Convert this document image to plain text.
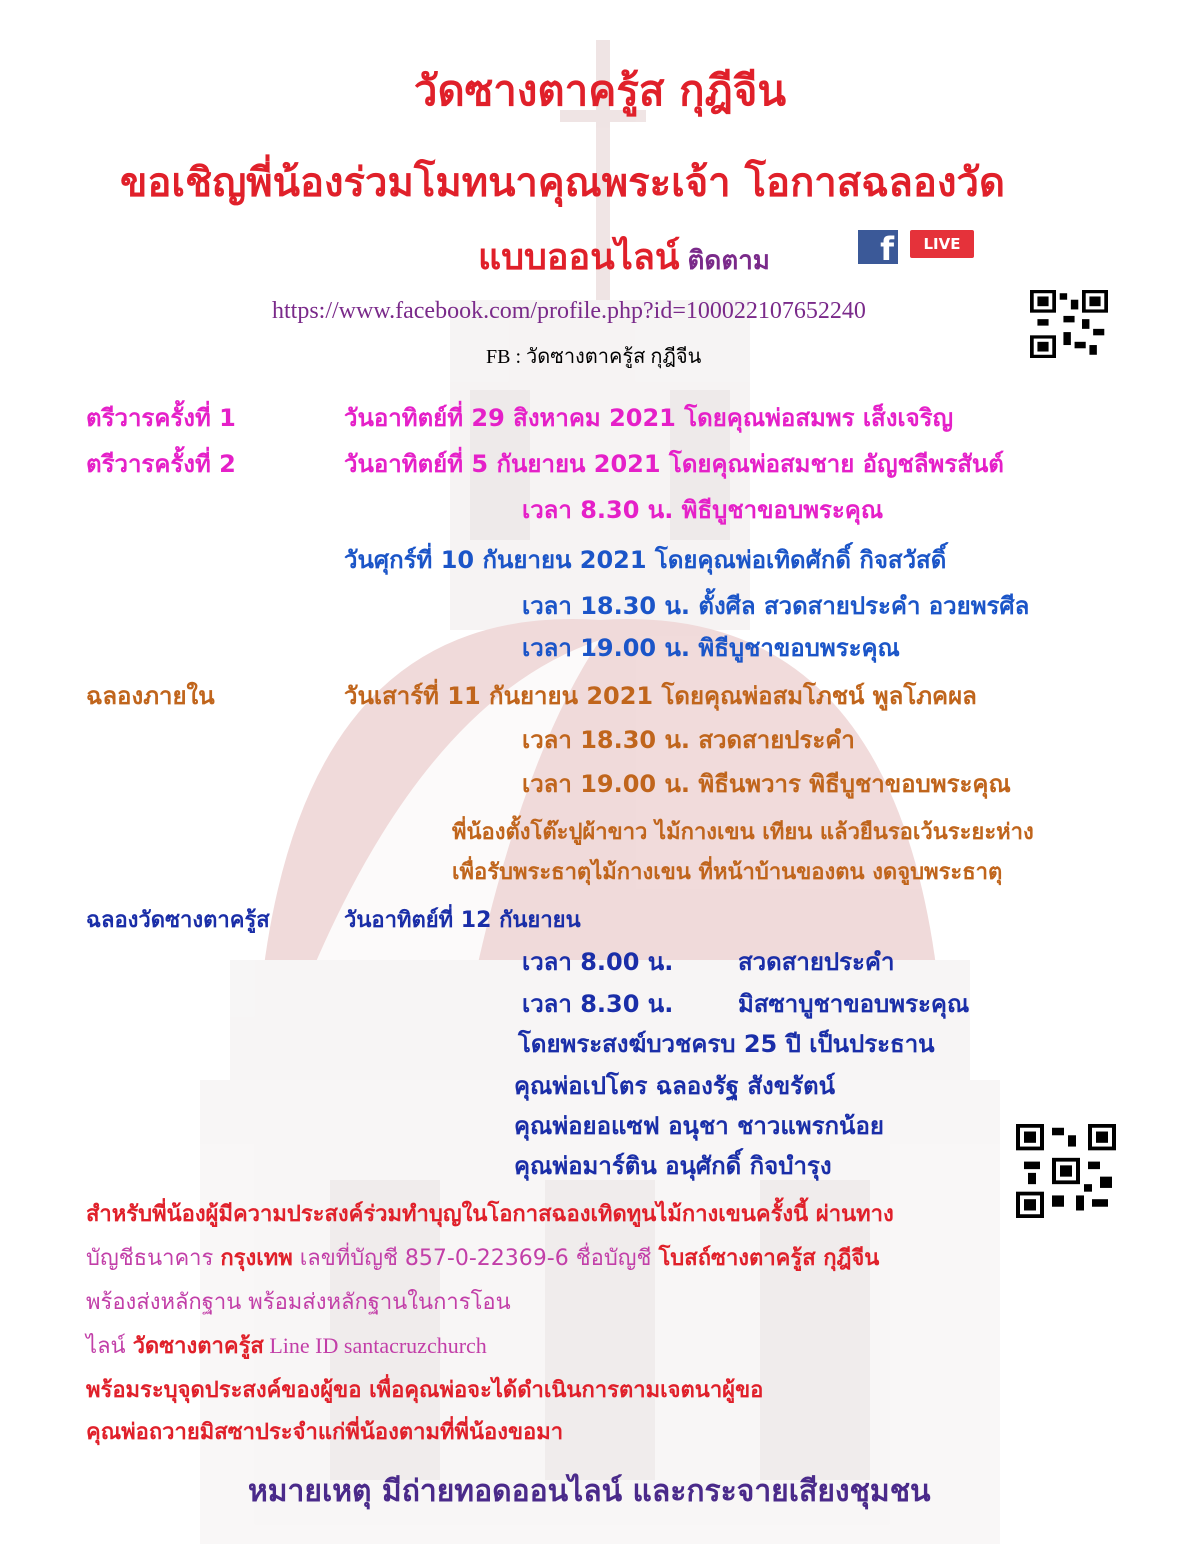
วัดซางตาครู้ส กุฎีจีน
ขอเชิญพี่น้องร่วมโมทนาคุณพระเจ้า โอกาสฉลองวัด
แบบออนไลน์ ติดตาม	f	LIVE
https://www.facebook.com/profile.php?id=100022107652240
FB : วัดซางตาครู้ส กุฎีจีน
ตรีวารครั้งที่ 1	วันอาทิตย์ที่ 29 สิงหาคม 2021 โดยคุณพ่อสมพร เส็งเจริญ
ตรีวารครั้งที่ 2	วันอาทิตย์ที่ 5 กันยายน 2021 โดยคุณพ่อสมชาย อัญชลีพรสันต์
เวลา 8.30 น. พิธีบูชาขอบพระคุณ
วันศุกร์ที่ 10 กันยายน 2021 โดยคุณพ่อเทิดศักดิ์ กิจสวัสดิ์
เวลา 18.30 น. ตั้งศีล สวดสายประคำ อวยพรศีล
เวลา 19.00 น. พิธีบูชาขอบพระคุณ
ฉลองภายใน	วันเสาร์ที่ 11 กันยายน 2021 โดยคุณพ่อสมโภชน์ พูลโภคผล
เวลา 18.30 น. สวดสายประคำ
เวลา 19.00 น. พิธีนพวาร พิธีบูชาขอบพระคุณ
พี่น้องตั้งโต๊ะปูผ้าขาว ไม้กางเขน เทียน แล้วยืนรอเว้นระยะห่าง
เพื่อรับพระธาตุไม้กางเขน ที่หน้าบ้านของตน งดจูบพระธาตุ
ฉลองวัดซางตาครู้ส	วันอาทิตย์ที่ 12 กันยายน
เวลา 8.00 น.	สวดสายประคำ
เวลา 8.30 น.	มิสซาบูชาขอบพระคุณ
โดยพระสงฆ์บวชครบ 25 ปี เป็นประธาน
คุณพ่อเปโตร ฉลองรัฐ สังขรัตน์
คุณพ่อยอแซฟ อนุชา ชาวแพรกน้อย
คุณพ่อมาร์ติน อนุศักดิ์ กิจบำรุง
สำหรับพี่น้องผู้มีความประสงค์ร่วมทำบุญในโอกาสฉองเทิดทูนไม้กางเขนครั้งนี้ ผ่านทาง
บัญชีธนาคาร กรุงเทพ เลขที่บัญชี 857-0-22369-6 ชื่อบัญชี โบสถ์ซางตาครู้ส กุฎีจีน
พร้องส่งหลักฐาน พร้อมส่งหลักฐานในการโอน
ไลน์ วัดซางตาครู้ส Line ID santacruzchurch
พร้อมระบุจุดประสงค์ของผู้ขอ เพื่อคุณพ่อจะได้ดำเนินการตามเจตนาผู้ขอ
คุณพ่อถวายมิสซาประจำแก่พี่น้องตามที่พี่น้องขอมา
หมายเหตุ มีถ่ายทอดออนไลน์ และกระจายเสียงชุมชน
